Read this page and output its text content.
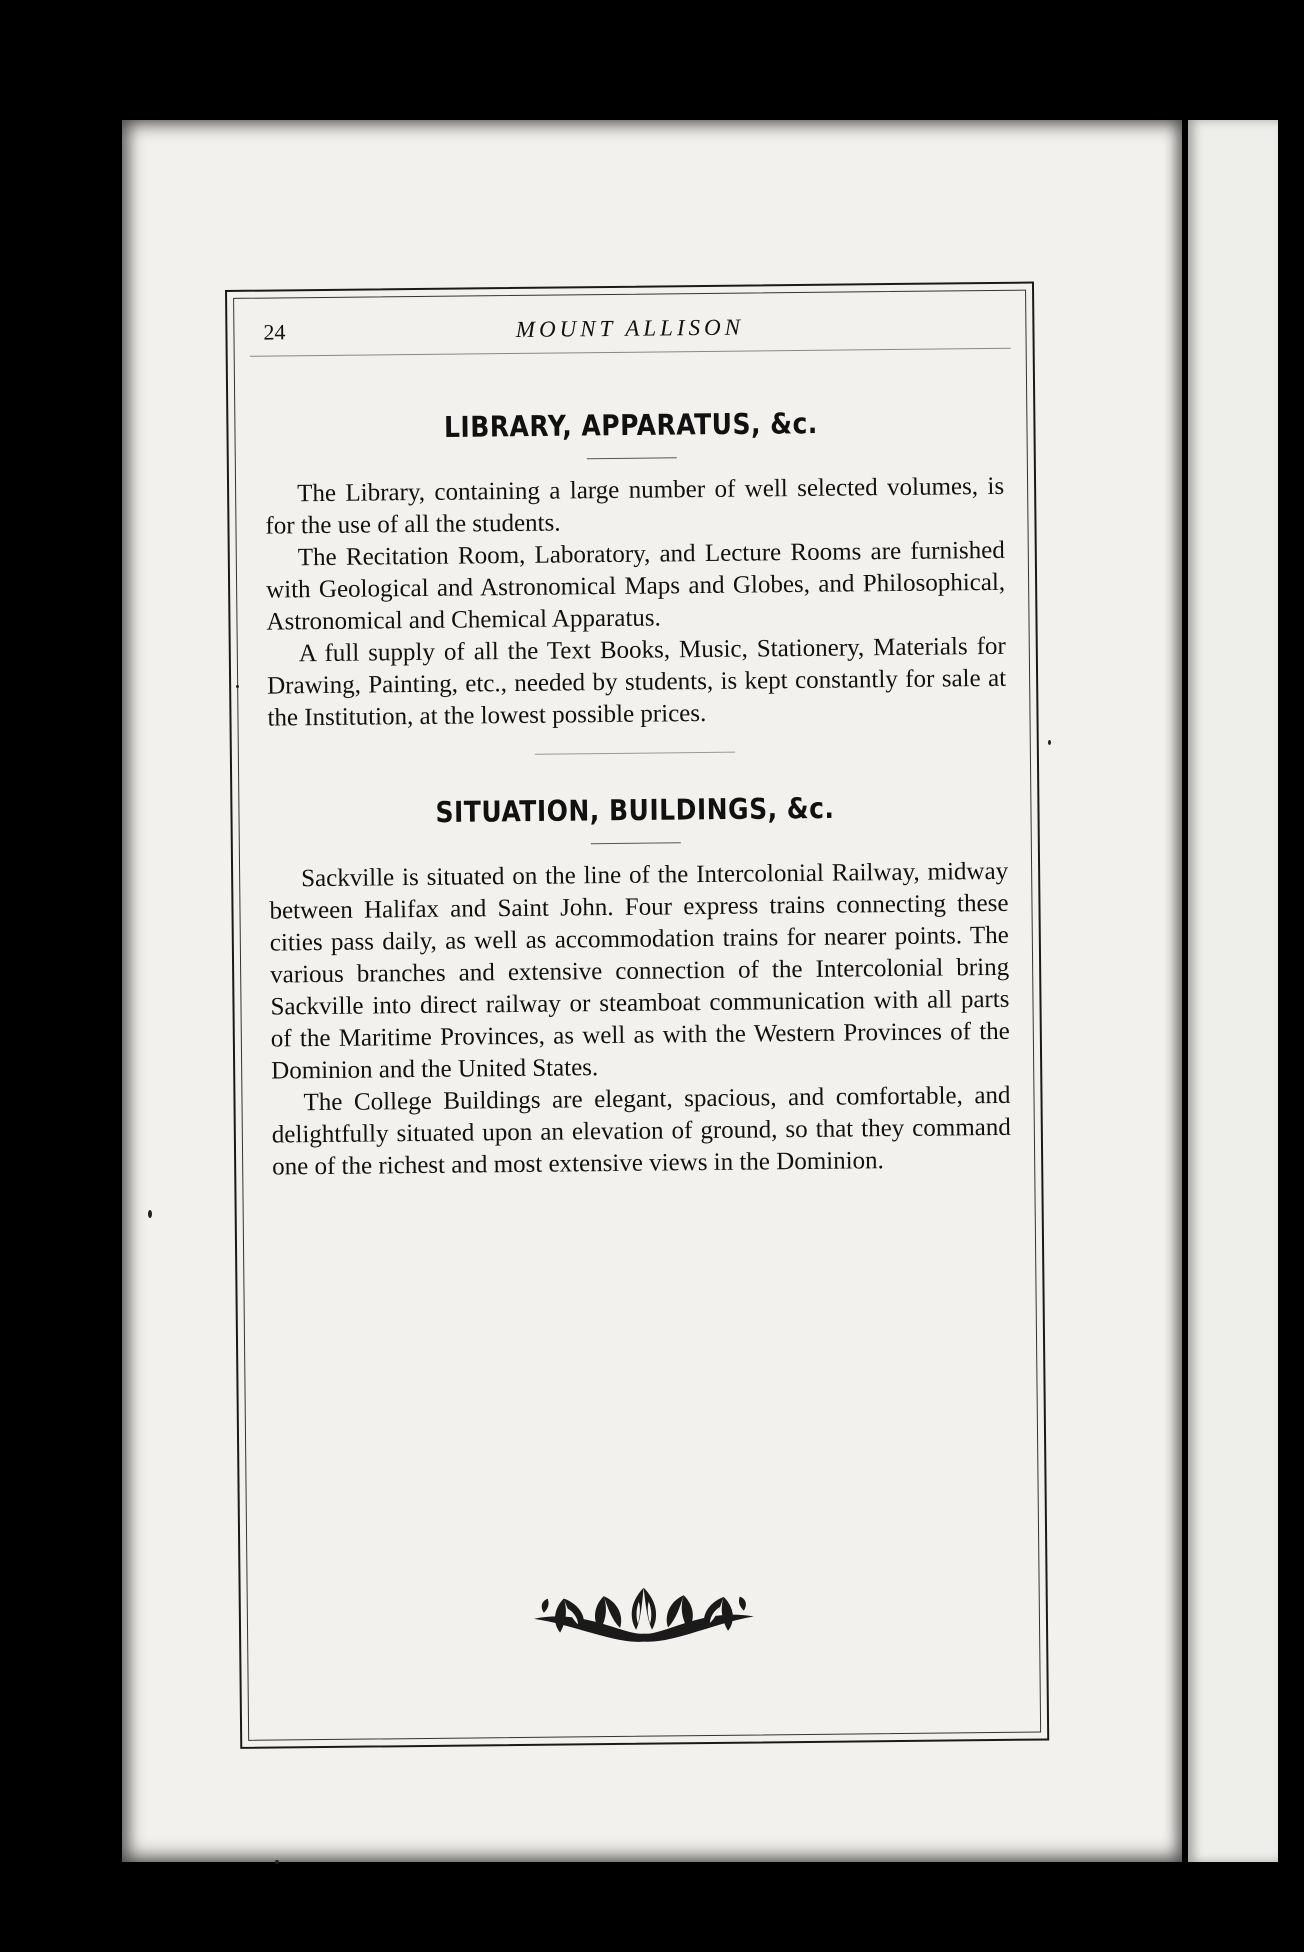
24	MOUNT ALLISON
LIBRARY, APPARATUS, &c.

The Library, containing a large number of well selected volumes, is for the use of all the students.

The Recitation Room, Laboratory, and Lecture Rooms are furnished with Geological and Astronomical Maps and Globes, and Philosophical, Astronomical and Chemical Apparatus.

A full supply of all the Text Books, Music, Stationery, Materials for Drawing, Painting, etc., needed by students, is kept constantly for sale at the Institution, at the lowest possible prices.

SITUATION, BUILDINGS, &c.

Sackville is situated on the line of the Intercolonial Railway, midway between Halifax and Saint John. Four express trains connecting these cities pass daily, as well as accommodation trains for nearer points. The various branches and extensive connection of the Intercolonial bring Sackville into direct railway or steamboat communication with all parts of the Maritime Provinces, as well as with the Western Provinces of the Dominion and the United States.

The College Buildings are elegant, spacious, and comfortable, and delightfully situated upon an elevation of ground, so that they command one of the richest and most extensive views in the Dominion.
